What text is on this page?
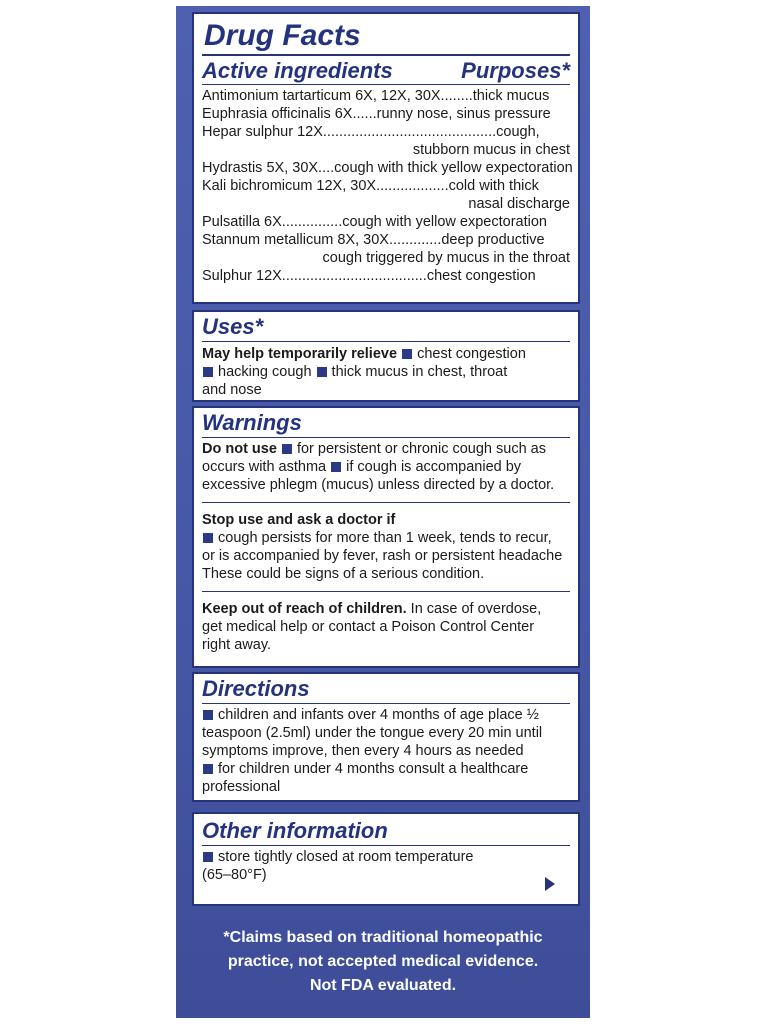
Drug Facts
Active ingredients	Purposes*
Antimonium tartarticum 6X, 12X, 30X........thick mucus
Euphrasia officinalis 6X......runny nose, sinus pressure
Hepar sulphur 12X...........................................cough,
stubborn mucus in chest
Hydrastis 5X, 30X....cough with thick yellow expectoration
Kali bichromicum 12X, 30X..................cold with thick
nasal discharge
Pulsatilla 6X...............cough with yellow expectoration
Stannum metallicum 8X, 30X.............deep productive
cough triggered by mucus in the throat
Sulphur 12X....................................chest congestion
Uses*
May help temporarily relieve chest congestion
hacking cough thick mucus in chest, throat
and nose
Warnings
Do not use for persistent or chronic cough such as
occurs with asthma if cough is accompanied by
excessive phlegm (mucus) unless directed by a doctor.
Stop use and ask a doctor if
cough persists for more than 1 week, tends to recur,
or is accompanied by fever, rash or persistent headache
These could be signs of a serious condition.
Keep out of reach of children. In case of overdose,
get medical help or contact a Poison Control Center
right away.
Directions
children and infants over 4 months of age place ½
teaspoon (2.5ml) under the tongue every 20 min until
symptoms improve, then every 4 hours as needed
for children under 4 months consult a healthcare
professional
Other information
store tightly closed at room temperature
(65–80°F)
*Claims based on traditional homeopathic
practice, not accepted medical evidence.
Not FDA evaluated.
